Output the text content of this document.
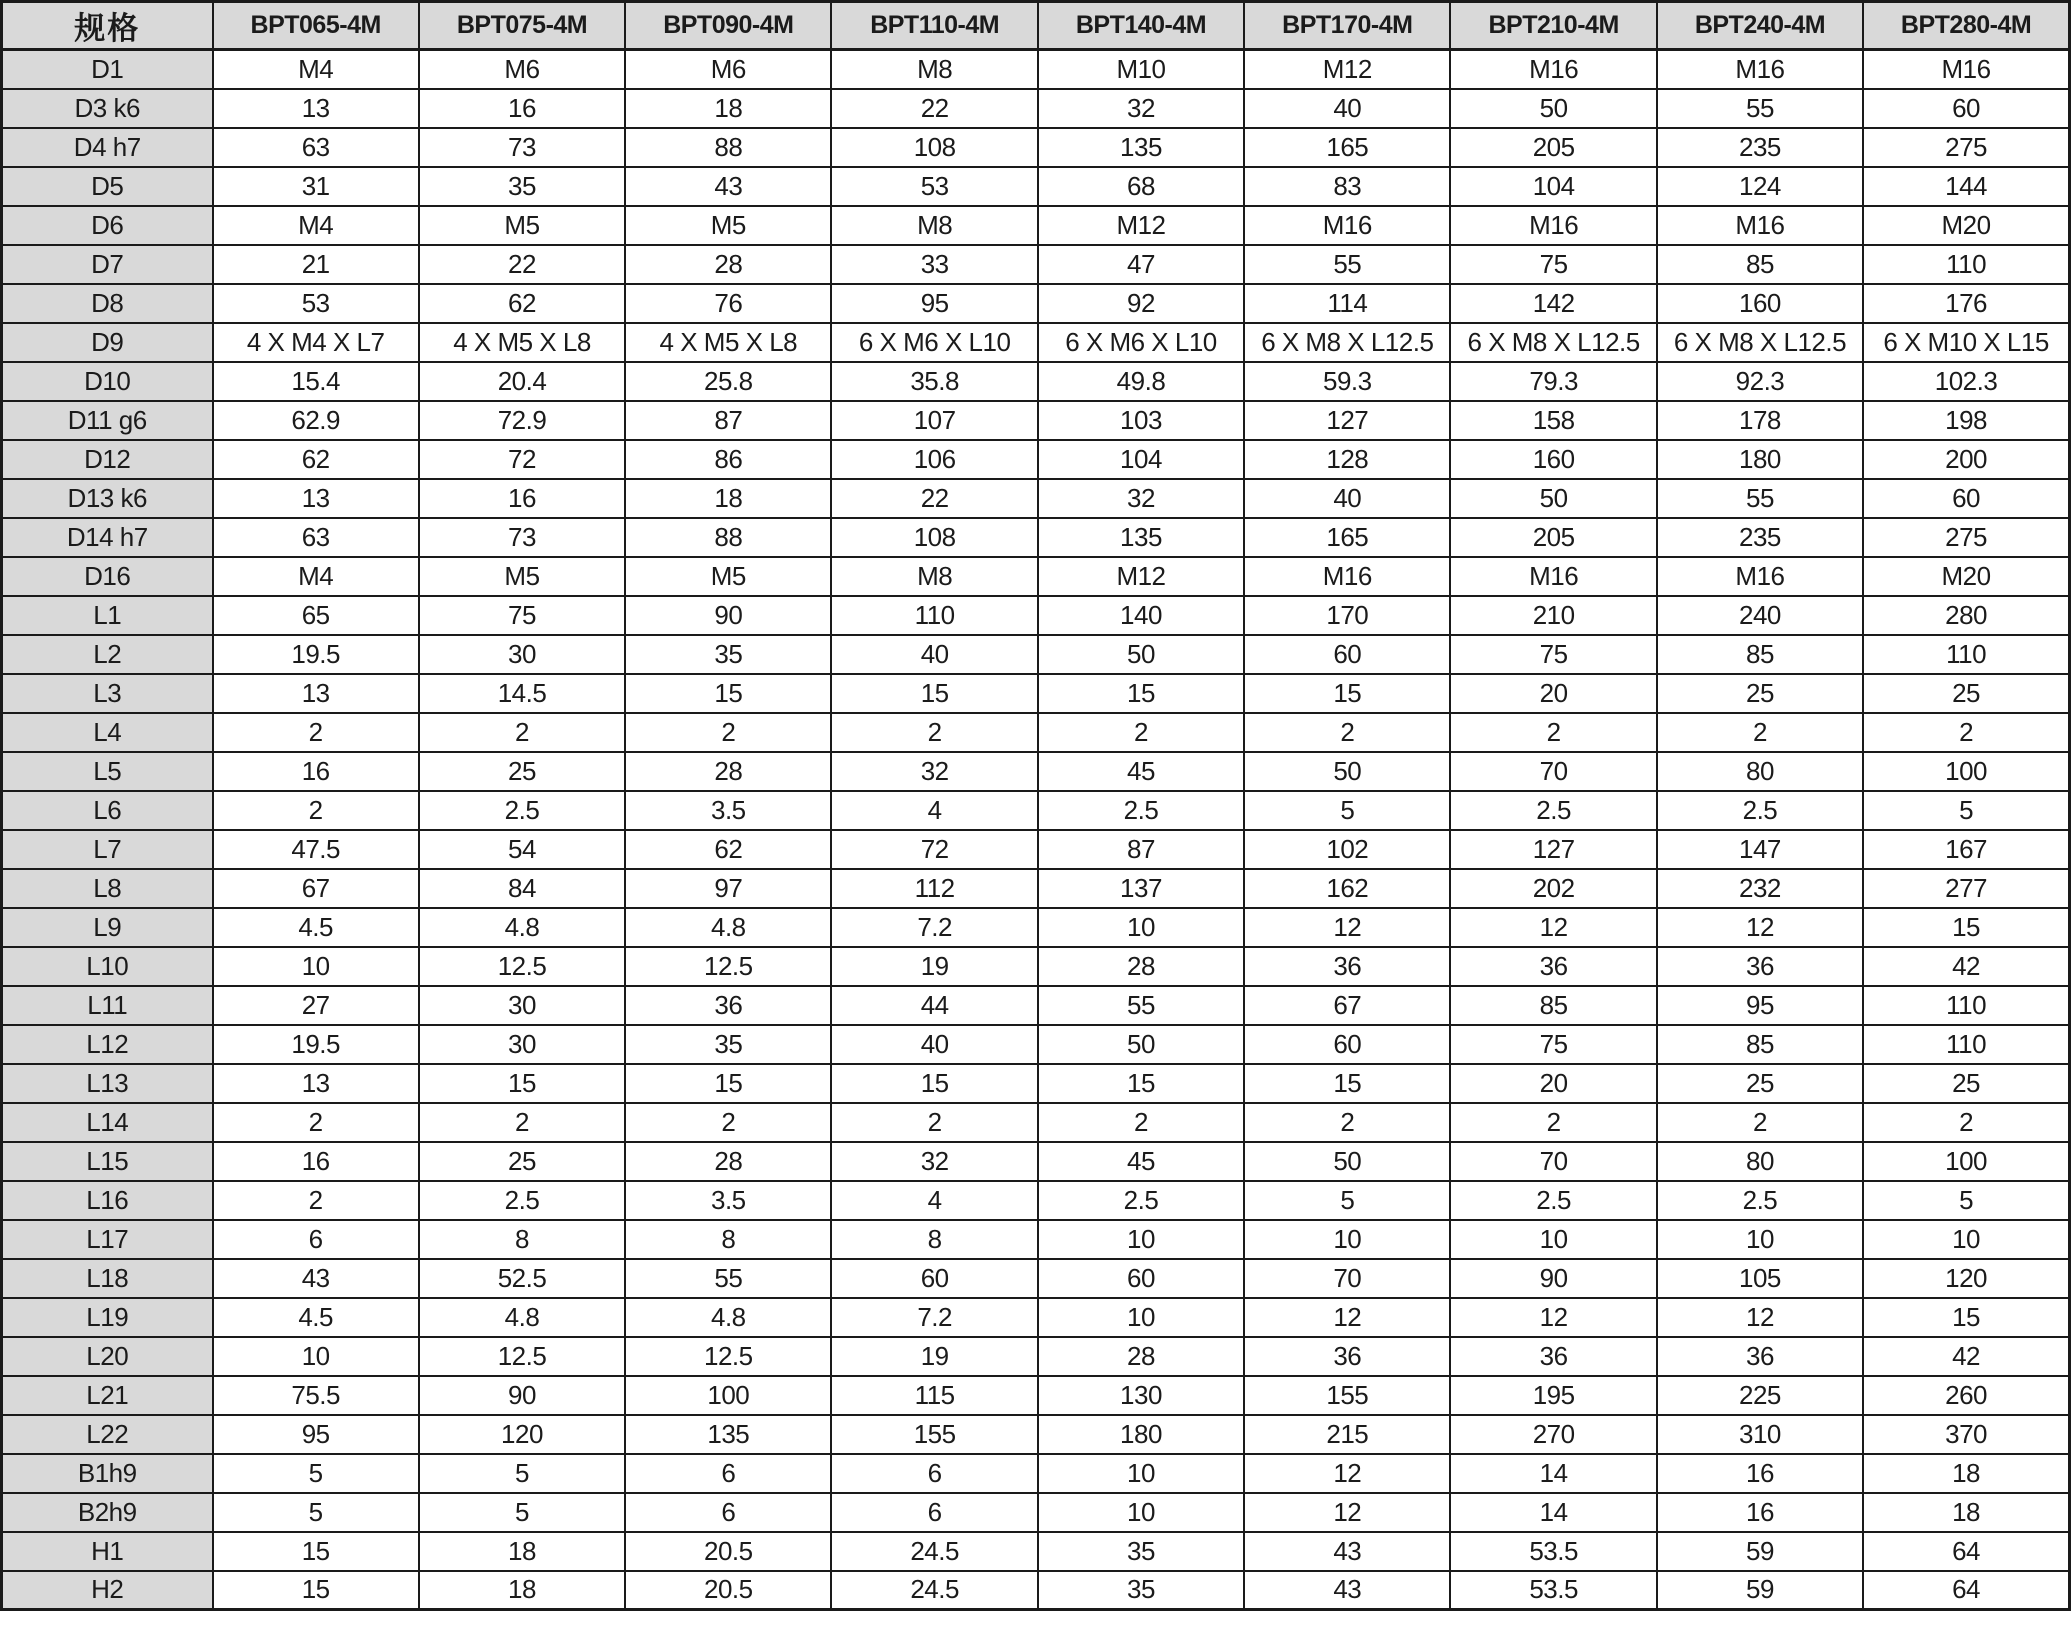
规格	BPT065-4M	BPT075-4M	BPT090-4M	BPT110-4M	BPT140-4M	BPT170-4M	BPT210-4M	BPT240-4M	BPT280-4M
D1	M4	M6	M6	M8	M10	M12	M16	M16	M16
D3 k6	13	16	18	22	32	40	50	55	60
D4 h7	63	73	88	108	135	165	205	235	275
D5	31	35	43	53	68	83	104	124	144
D6	M4	M5	M5	M8	M12	M16	M16	M16	M20
D7	21	22	28	33	47	55	75	85	110
D8	53	62	76	95	92	114	142	160	176
D9	4 X M4 X L7	4 X M5 X L8	4 X M5 X L8	6 X M6 X L10	6 X M6 X L10	6 X M8 X L12.5	6 X M8 X L12.5	6 X M8 X L12.5	6 X M10 X L15
D10	15.4	20.4	25.8	35.8	49.8	59.3	79.3	92.3	102.3
D11 g6	62.9	72.9	87	107	103	127	158	178	198
D12	62	72	86	106	104	128	160	180	200
D13 k6	13	16	18	22	32	40	50	55	60
D14 h7	63	73	88	108	135	165	205	235	275
D16	M4	M5	M5	M8	M12	M16	M16	M16	M20
L1	65	75	90	110	140	170	210	240	280
L2	19.5	30	35	40	50	60	75	85	110
L3	13	14.5	15	15	15	15	20	25	25
L4	2	2	2	2	2	2	2	2	2
L5	16	25	28	32	45	50	70	80	100
L6	2	2.5	3.5	4	2.5	5	2.5	2.5	5
L7	47.5	54	62	72	87	102	127	147	167
L8	67	84	97	112	137	162	202	232	277
L9	4.5	4.8	4.8	7.2	10	12	12	12	15
L10	10	12.5	12.5	19	28	36	36	36	42
L11	27	30	36	44	55	67	85	95	110
L12	19.5	30	35	40	50	60	75	85	110
L13	13	15	15	15	15	15	20	25	25
L14	2	2	2	2	2	2	2	2	2
L15	16	25	28	32	45	50	70	80	100
L16	2	2.5	3.5	4	2.5	5	2.5	2.5	5
L17	6	8	8	8	10	10	10	10	10
L18	43	52.5	55	60	60	70	90	105	120
L19	4.5	4.8	4.8	7.2	10	12	12	12	15
L20	10	12.5	12.5	19	28	36	36	36	42
L21	75.5	90	100	115	130	155	195	225	260
L22	95	120	135	155	180	215	270	310	370
B1h9	5	5	6	6	10	12	14	16	18
B2h9	5	5	6	6	10	12	14	16	18
H1	15	18	20.5	24.5	35	43	53.5	59	64
H2	15	18	20.5	24.5	35	43	53.5	59	64
